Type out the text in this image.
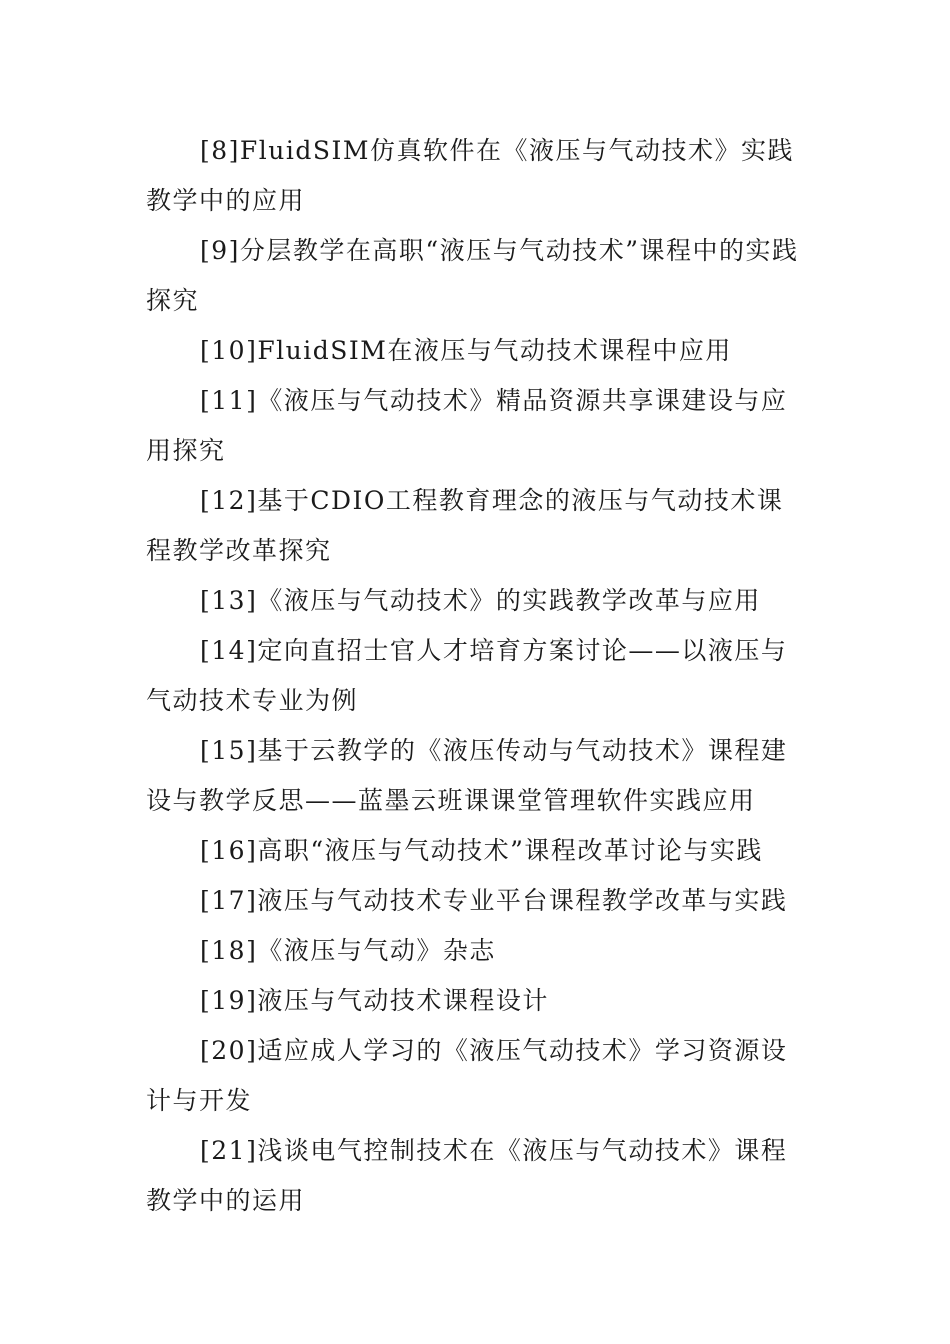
[8]FluidSIM仿真软件在《液压与气动技术》实践教学中的应用
[9]分层教学在高职“液压与气动技术”课程中的实践探究
[10]FluidSIM在液压与气动技术课程中应用
[11]《液压与气动技术》精品资源共享课建设与应用探究
[12]基于CDIO工程教育理念的液压与气动技术课程教学改革探究
[13]《液压与气动技术》的实践教学改革与应用
[14]定向直招士官人才培育方案讨论——以液压与气动技术专业为例
[15]基于云教学的《液压传动与气动技术》课程建设与教学反思——蓝墨云班课课堂管理软件实践应用
[16]高职“液压与气动技术”课程改革讨论与实践
[17]液压与气动技术专业平台课程教学改革与实践
[18]《液压与气动》杂志
[19]液压与气动技术课程设计
[20]适应成人学习的《液压气动技术》学习资源设计与开发
[21]浅谈电气控制技术在《液压与气动技术》课程教学中的运用
